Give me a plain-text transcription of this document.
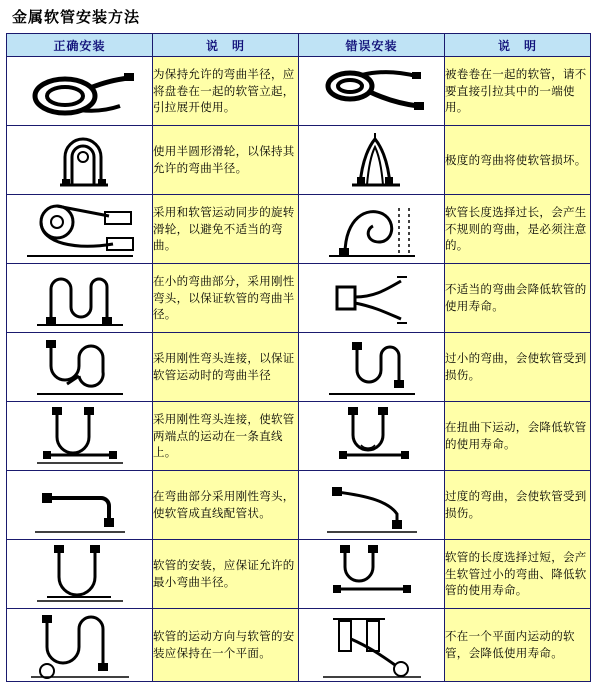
金属软管安装方法
正确安装	说　明	错误安装	说　明

	为保持允许的弯曲半径，应将盘卷在一起的软管立起，引拉展开使用。		被卷卷在一起的软管，请不要直接引拉其中的一端使用。

	使用半圆形滑轮，以保持其允许的弯曲半径。		极度的弯曲将使软管损坏。

	采用和软管运动同步的旋转滑轮，以避免不适当的弯曲。		软管长度选择过长，会产生不规则的弯曲，是必须注意的。

	在小的弯曲部分，采用刚性弯头，以保证软管的弯曲半径。		不适当的弯曲会降低软管的使用寿命。

	采用刚性弯头连接，以保证软管运动时的弯曲半径		过小的弯曲，会使软管受到损伤。

	采用刚性弯头连接，使软管两端点的运动在一条直线上。		在扭曲下运动，会降低软管的使用寿命。

	在弯曲部分采用刚性弯头，使软管成直线配管状。		过度的弯曲，会使软管受到损伤。

	软管的安装，应保证允许的最小弯曲半径。		软管的长度选择过短，会产生软管过小的弯曲、降低软管的使用寿命。

	软管的运动方向与软管的安装应保持在一个平面。		不在一个平面内运动的软管，会降低使用寿命。
